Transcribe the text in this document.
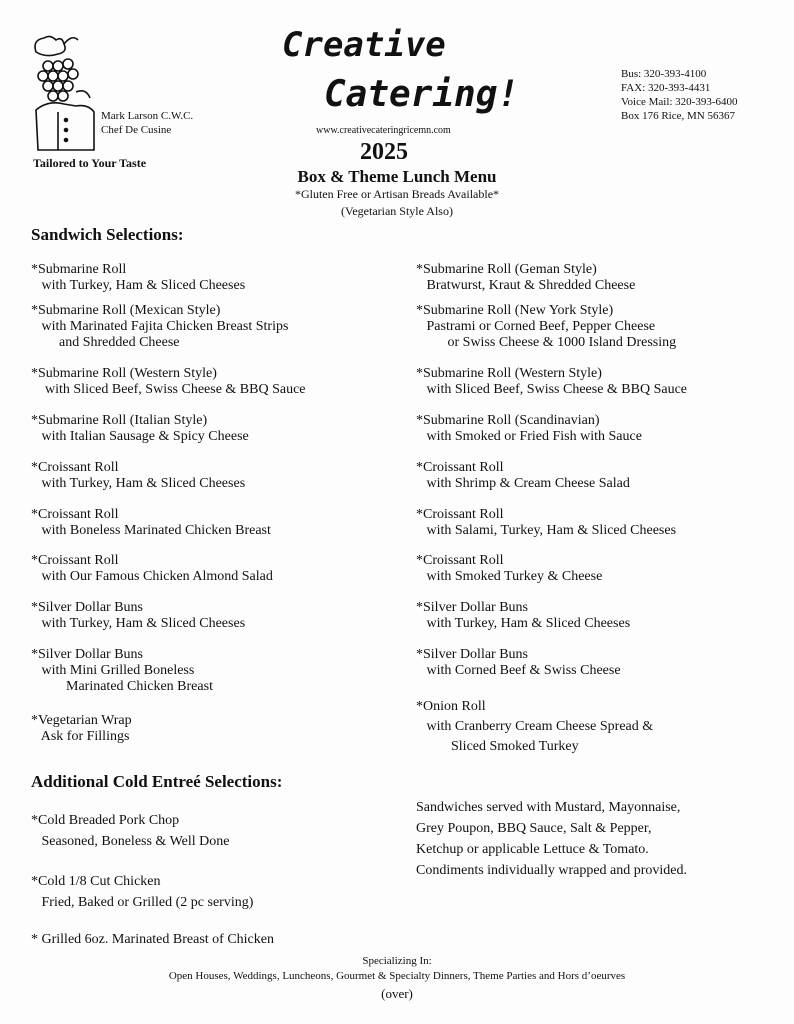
Mark Larson C.W.C.
Chef De Cusine
Tailored to Your Taste
Creative
Catering!
www.creativecateringricemn.com
Bus: 320-393-4100
FAX: 320-393-4431
Voice Mail: 320-393-6400
Box 176 Rice, MN 56367
2025
Box & Theme Lunch Menu
*Gluten Free or Artisan Breads Available*
(Vegetarian Style Also)
Sandwich Selections:
*Submarine Roll
with Turkey, Ham & Sliced Cheeses
*Submarine Roll (Mexican Style)
with Marinated Fajita Chicken Breast Strips
and Shredded Cheese
*Submarine Roll (Western Style)
with Sliced Beef, Swiss Cheese & BBQ Sauce
*Submarine Roll (Italian Style)
with Italian Sausage & Spicy Cheese
*Croissant Roll
with Turkey, Ham & Sliced Cheeses
*Croissant Roll
with Boneless Marinated Chicken Breast
*Croissant Roll
with Our Famous Chicken Almond Salad
*Silver Dollar Buns
with Turkey, Ham & Sliced Cheeses
*Silver Dollar Buns
with Mini Grilled Boneless
Marinated Chicken Breast
*Vegetarian Wrap
Ask for Fillings
*Submarine Roll (Geman Style)
Bratwurst, Kraut & Shredded Cheese
*Submarine Roll (New York Style)
Pastrami or Corned Beef, Pepper Cheese
or Swiss Cheese & 1000 Island Dressing
*Submarine Roll (Western Style)
with Sliced Beef, Swiss Cheese & BBQ Sauce
*Submarine Roll (Scandinavian)
with Smoked or Fried Fish with Sauce
*Croissant Roll
with Shrimp & Cream Cheese Salad
*Croissant Roll
with Salami, Turkey, Ham & Sliced Cheeses
*Croissant Roll
with Smoked Turkey & Cheese
*Silver Dollar Buns
with Turkey, Ham & Sliced Cheeses
*Silver Dollar Buns
with Corned Beef & Swiss Cheese
*Onion Roll
with Cranberry Cream Cheese Spread &
Sliced Smoked Turkey
Additional Cold Entreé Selections:
*Cold Breaded Pork Chop
Seasoned, Boneless & Well Done
*Cold 1/8 Cut Chicken
Fried, Baked or Grilled (2 pc serving)
* Grilled 6oz. Marinated Breast of Chicken
Sandwiches served with Mustard, Mayonnaise,
Grey Poupon, BBQ Sauce, Salt & Pepper,
Ketchup or applicable Lettuce & Tomato.
Condiments individually wrapped and provided.
Specializing In:
Open Houses, Weddings, Luncheons, Gourmet & Specialty Dinners, Theme Parties and Hors d’oeurves
(over)
